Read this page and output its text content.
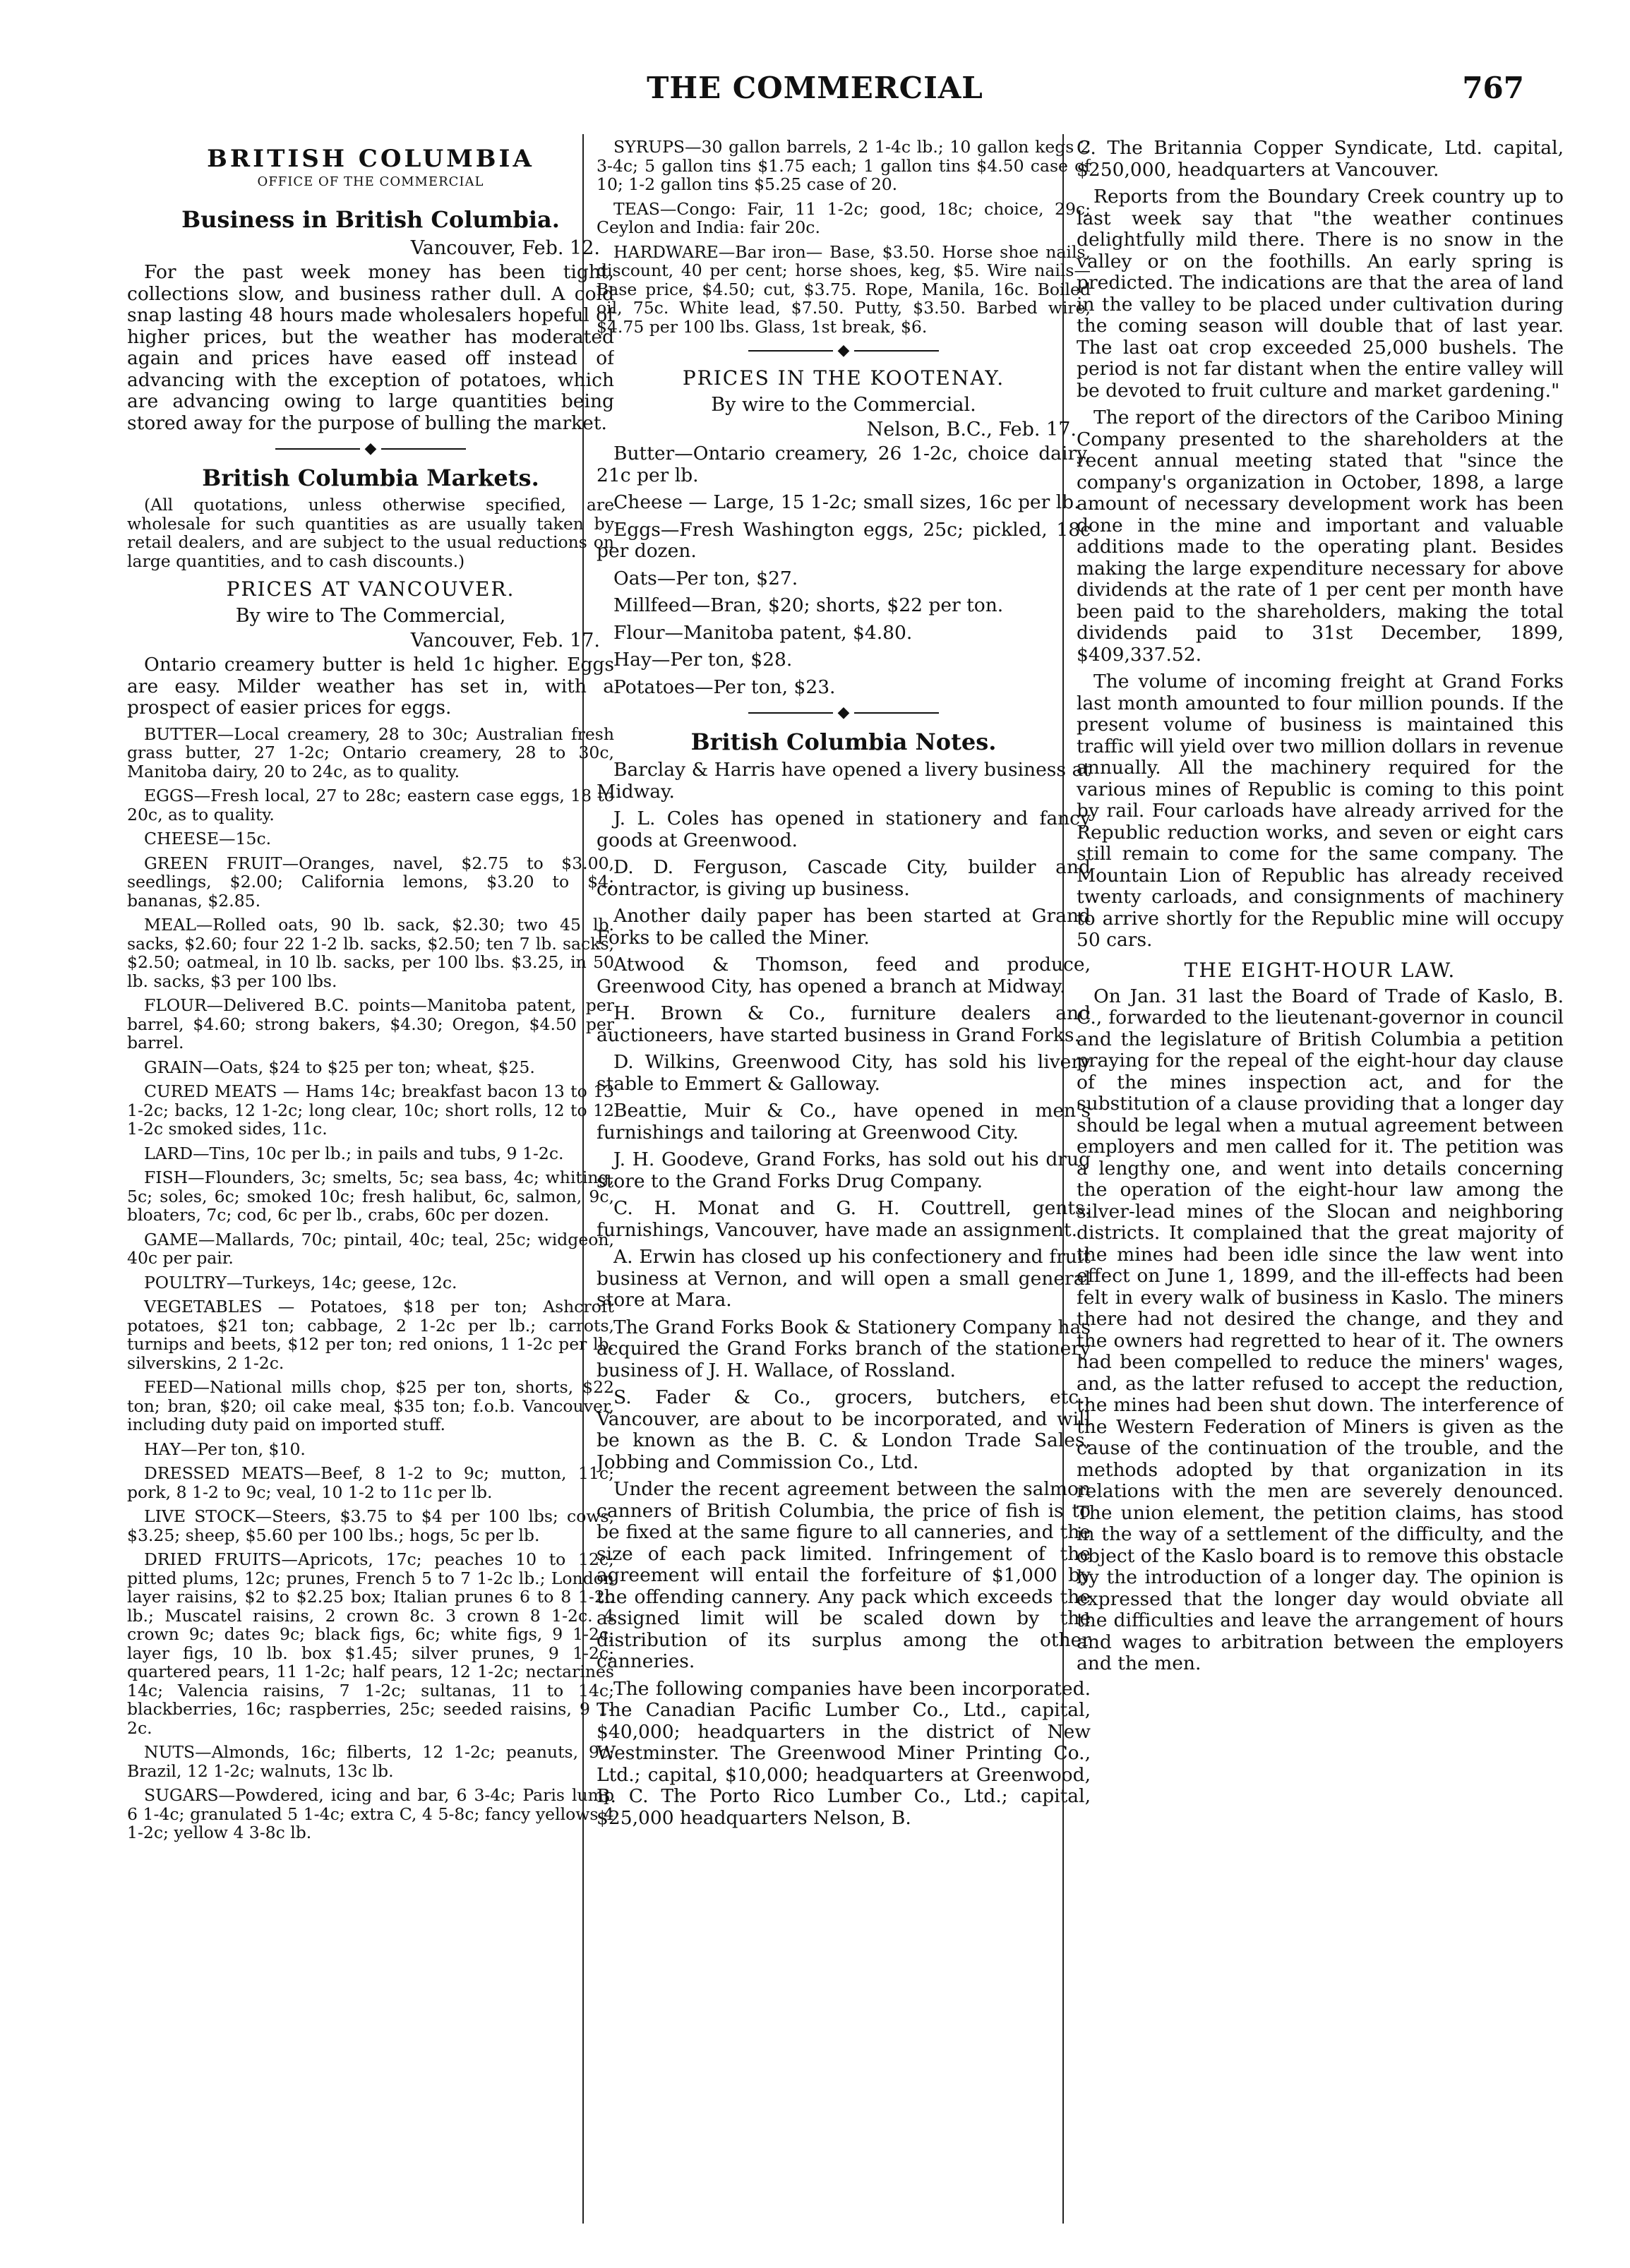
THE COMMERCIAL	767
BRITISH COLUMBIA
OFFICE OF THE COMMERCIAL
Business in British Columbia.
Vancouver, Feb. 12.

For the past week money has been tight, collections slow, and business rather dull. A cold snap lasting 48 hours made wholesalers hopeful of higher prices, but the weather has moderated again and prices have eased off instead of advancing with the exception of potatoes, which are advancing owing to large quantities being stored away for the purpose of bulling the market.

◆
British Columbia Markets.

(All quotations, unless otherwise specified, are wholesale for such quantities as are usually taken by retail dealers, and are subject to the usual reductions on large quantities, and to cash discounts.)

PRICES AT VANCOUVER.
By wire to The Commercial,
Vancouver, Feb. 17.

Ontario creamery butter is held 1c higher. Eggs are easy. Milder weather has set in, with a prospect of easier prices for eggs.

BUTTER—Local creamery, 28 to 30c; Australian fresh grass butter, 27 1-2c; Ontario creamery, 28 to 30c, Manitoba dairy, 20 to 24c, as to quality.

EGGS—Fresh local, 27 to 28c; eastern case eggs, 18 to 20c, as to quality.

CHEESE—15c.

GREEN FRUIT—Oranges, navel, $2.75 to $3.00, seedlings, $2.00; California lemons, $3.20 to $4; bananas, $2.85.

MEAL—Rolled oats, 90 lb. sack, $2.30; two 45 lb. sacks, $2.60; four 22 1-2 lb. sacks, $2.50; ten 7 lb. sacks, $2.50; oatmeal, in 10 lb. sacks, per 100 lbs. $3.25, in 50 lb. sacks, $3 per 100 lbs.

FLOUR—Delivered B.C. points—Manitoba patent, per barrel, $4.60; strong bakers, $4.30; Oregon, $4.50 per barrel.

GRAIN—Oats, $24 to $25 per ton; wheat, $25.

CURED MEATS — Hams 14c; breakfast bacon 13 to 13 1-2c; backs, 12 1-2c; long clear, 10c; short rolls, 12 to 12 1-2c smoked sides, 11c.

LARD—Tins, 10c per lb.; in pails and tubs, 9 1-2c.

FISH—Flounders, 3c; smelts, 5c; sea bass, 4c; whiting, 5c; soles, 6c; smoked 10c; fresh halibut, 6c, salmon, 9c, bloaters, 7c; cod, 6c per lb., crabs, 60c per dozen.

GAME—Mallards, 70c; pintail, 40c; teal, 25c; widgeon, 40c per pair.

POULTRY—Turkeys, 14c; geese, 12c.

VEGETABLES — Potatoes, $18 per ton; Ashcroft potatoes, $21 ton; cabbage, 2 1-2c per lb.; carrots, turnips and beets, $12 per ton; red onions, 1 1-2c per lb. silverskins, 2 1-2c.

FEED—National mills chop, $25 per ton, shorts, $22 ton; bran, $20; oil cake meal, $35 ton; f.o.b. Vancouver, including duty paid on imported stuff.

HAY—Per ton, $10.

DRESSED MEATS—Beef, 8 1-2 to 9c; mutton, 11c; pork, 8 1-2 to 9c; veal, 10 1-2 to 11c per lb.

LIVE STOCK—Steers, $3.75 to $4 per 100 lbs; cows, $3.25; sheep, $5.60 per 100 lbs.; hogs, 5c per lb.

DRIED FRUITS—Apricots, 17c; peaches 10 to 12c; pitted plums, 12c; prunes, French 5 to 7 1-2c lb.; London layer raisins, $2 to $2.25 box; Italian prunes 6 to 8 1-2c lb.; Muscatel raisins, 2 crown 8c. 3 crown 8 1-2c. 4 crown 9c; dates 9c; black figs, 6c; white figs, 9 1-2c; layer figs, 10 lb. box $1.45; silver prunes, 9 1-2c; quartered pears, 11 1-2c; half pears, 12 1-2c; nectarines 14c; Valencia raisins, 7 1-2c; sultanas, 11 to 14c; blackberries, 16c; raspberries, 25c; seeded raisins, 9 1-2c.

NUTS—Almonds, 16c; filberts, 12 1-2c; peanuts, 9c; Brazil, 12 1-2c; walnuts, 13c lb.

SUGARS—Powdered, icing and bar, 6 3-4c; Paris lump 6 1-4c; granulated 5 1-4c; extra C, 4 5-8c; fancy yellows 4 1-2c; yellow 4 3-8c lb.

SYRUPS—30 gallon barrels, 2 1-4c lb.; 10 gallon kegs 2 3-4c; 5 gallon tins $1.75 each; 1 gallon tins $4.50 case of 10; 1-2 gallon tins $5.25 case of 20.

TEAS—Congo: Fair, 11 1-2c; good, 18c; choice, 29c; Ceylon and India: fair 20c.

HARDWARE—Bar iron— Base, $3.50. Horse shoe nails, discount, 40 per cent; horse shoes, keg, $5. Wire nails—Base price, $4.50; cut, $3.75. Rope, Manila, 16c. Boiled oil, 75c. White lead, $7.50. Putty, $3.50. Barbed wire, $4.75 per 100 lbs. Glass, 1st break, $6.

◆
PRICES IN THE KOOTENAY.
By wire to the Commercial.
Nelson, B.C., Feb. 17.

Butter—Ontario creamery, 26 1-2c, choice dairy, 21c per lb.

Cheese — Large, 15 1-2c; small sizes, 16c per lb.

Eggs—Fresh Washington eggs, 25c; pickled, 18c per dozen.

Oats—Per ton, $27.

Millfeed—Bran, $20; shorts, $22 per ton.

Flour—Manitoba patent, $4.80.

Hay—Per ton, $28.

Potatoes—Per ton, $23.

◆
British Columbia Notes.

Barclay & Harris have opened a livery business at Midway.

J. L. Coles has opened in stationery and fancy goods at Greenwood.

D. D. Ferguson, Cascade City, builder and contractor, is giving up business.

Another daily paper has been started at Grand Forks to be called the Miner.

Atwood & Thomson, feed and produce, Greenwood City, has opened a branch at Midway.

H. Brown & Co., furniture dealers and auctioneers, have started business in Grand Forks.

D. Wilkins, Greenwood City, has sold his livery stable to Emmert & Galloway.

Beattie, Muir & Co., have opened in men's furnishings and tailoring at Greenwood City.

J. H. Goodeve, Grand Forks, has sold out his drug store to the Grand Forks Drug Company.

C. H. Monat and G. H. Couttrell, gents. furnishings, Vancouver, have made an assignment.

A. Erwin has closed up his confectionery and fruit business at Vernon, and will open a small general store at Mara.

The Grand Forks Book & Stationery Company has acquired the Grand Forks branch of the stationery business of J. H. Wallace, of Rossland.

S. Fader & Co., grocers, butchers, etc., Vancouver, are about to be incorporated, and will be known as the B. C. & London Trade Sales, Jobbing and Commission Co., Ltd.

Under the recent agreement between the salmon canners of British Columbia, the price of fish is to be fixed at the same figure to all canneries, and the size of each pack limited. Infringement of the agreement will entail the forfeiture of $1,000 by the offending cannery. Any pack which exceeds the assigned limit will be scaled down by the distribution of its surplus among the other canneries.

The following companies have been incorporated. The Canadian Pacific Lumber Co., Ltd., capital, $40,000; headquarters in the district of New Westminster. The Greenwood Miner Printing Co., Ltd.; capital, $10,000; headquarters at Greenwood, B. C. The Porto Rico Lumber Co., Ltd.; capital, $25,000 headquarters Nelson, B.

C. The Britannia Copper Syndicate, Ltd. capital, $250,000, headquarters at Vancouver.

Reports from the Boundary Creek country up to last week say that "the weather continues delightfully mild there. There is no snow in the valley or on the foothills. An early spring is predicted. The indications are that the area of land in the valley to be placed under cultivation during the coming season will double that of last year. The last oat crop exceeded 25,000 bushels. The period is not far distant when the entire valley will be devoted to fruit culture and market gardening."

The report of the directors of the Cariboo Mining Company presented to the shareholders at the recent annual meeting stated that "since the company's organization in October, 1898, a large amount of necessary development work has been done in the mine and important and valuable additions made to the operating plant. Besides making the large expenditure necessary for above dividends at the rate of 1 per cent per month have been paid to the shareholders, making the total dividends paid to 31st December, 1899, $409,337.52.

The volume of incoming freight at Grand Forks last month amounted to four million pounds. If the present volume of business is maintained this traffic will yield over two million dollars in revenue annually. All the machinery required for the various mines of Republic is coming to this point by rail. Four carloads have already arrived for the Republic reduction works, and seven or eight cars still remain to come for the same company. The Mountain Lion of Republic has already received twenty carloads, and consignments of machinery to arrive shortly for the Republic mine will occupy 50 cars.

THE EIGHT-HOUR LAW.

On Jan. 31 last the Board of Trade of Kaslo, B. C., forwarded to the lieutenant-governor in council and the legislature of British Columbia a petition praying for the repeal of the eight-hour day clause of the mines inspection act, and for the substitution of a clause providing that a longer day should be legal when a mutual agreement between employers and men called for it. The petition was a lengthy one, and went into details concerning the operation of the eight-hour law among the silver-lead mines of the Slocan and neighboring districts. It complained that the great majority of the mines had been idle since the law went into effect on June 1, 1899, and the ill-effects had been felt in every walk of business in Kaslo. The miners there had not desired the change, and they and the owners had regretted to hear of it. The owners had been compelled to reduce the miners' wages, and, as the latter refused to accept the reduction, the mines had been shut down. The interference of the Western Federation of Miners is given as the cause of the continuation of the trouble, and the methods adopted by that organization in its relations with the men are severely denounced. The union element, the petition claims, has stood in the way of a settlement of the difficulty, and the object of the Kaslo board is to remove this obstacle by the introduction of a longer day. The opinion is expressed that the longer day would obviate all the difficulties and leave the arrangement of hours and wages to arbitration between the employers and the men.
